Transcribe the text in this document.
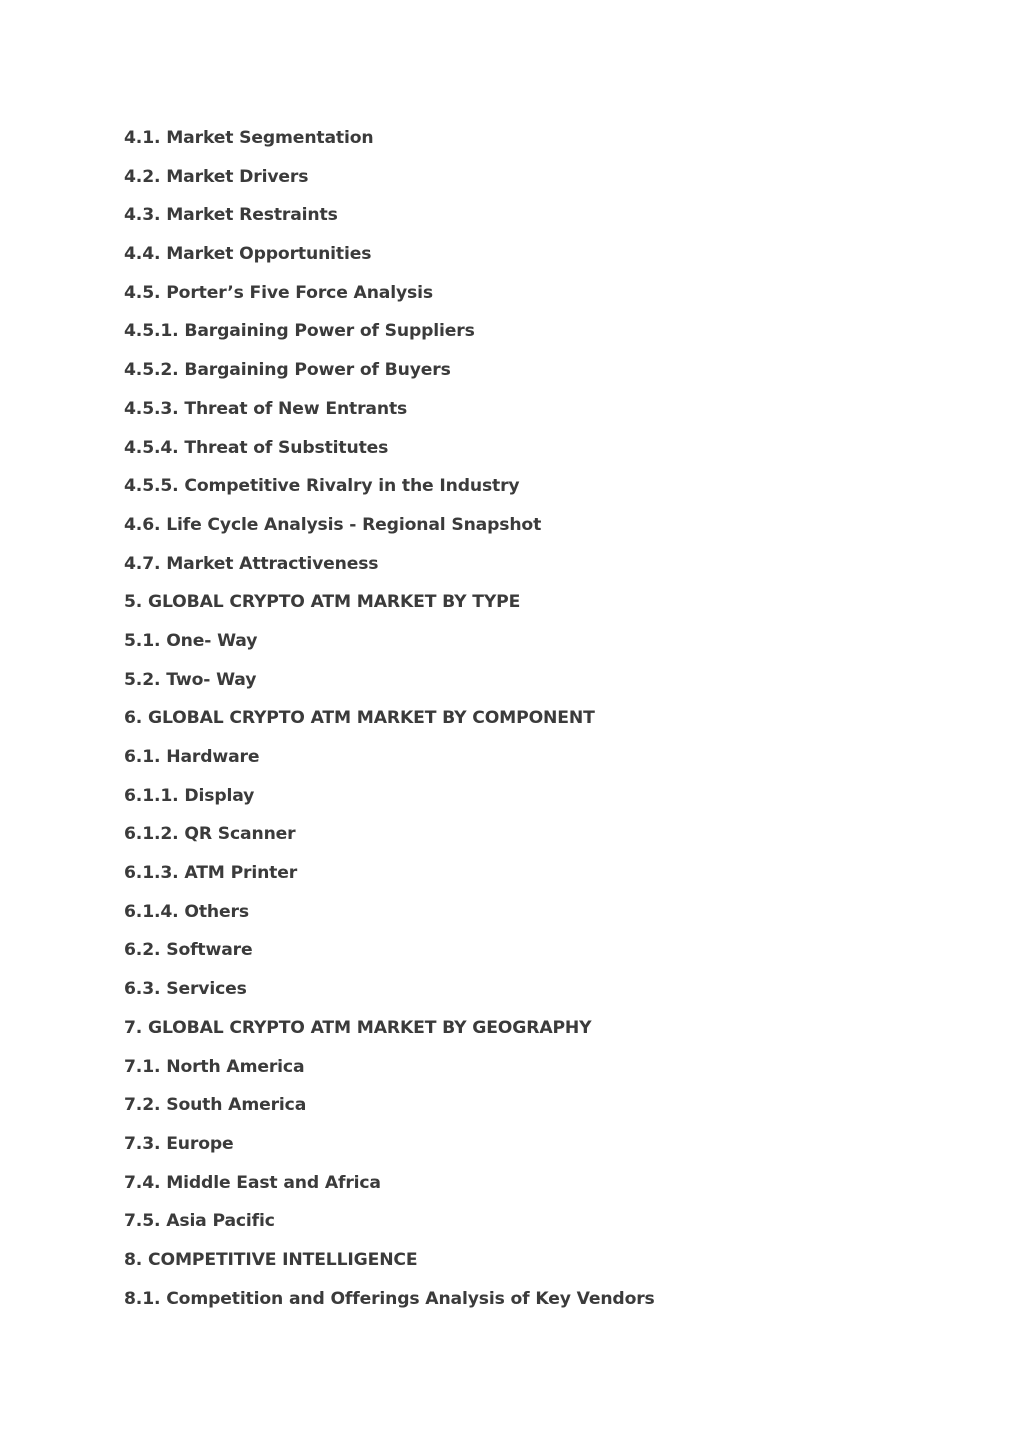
4.1. Market Segmentation
4.2. Market Drivers
4.3. Market Restraints
4.4. Market Opportunities
4.5. Porter’s Five Force Analysis
4.5.1. Bargaining Power of Suppliers
4.5.2. Bargaining Power of Buyers
4.5.3. Threat of New Entrants
4.5.4. Threat of Substitutes
4.5.5. Competitive Rivalry in the Industry
4.6. Life Cycle Analysis - Regional Snapshot
4.7. Market Attractiveness
5. GLOBAL CRYPTO ATM MARKET BY TYPE
5.1. One- Way
5.2. Two- Way
6. GLOBAL CRYPTO ATM MARKET BY COMPONENT
6.1. Hardware
6.1.1. Display
6.1.2. QR Scanner
6.1.3. ATM Printer
6.1.4. Others
6.2. Software
6.3. Services
7. GLOBAL CRYPTO ATM MARKET BY GEOGRAPHY
7.1. North America
7.2. South America
7.3. Europe
7.4. Middle East and Africa
7.5. Asia Pacific
8. COMPETITIVE INTELLIGENCE
8.1. Competition and Offerings Analysis of Key Vendors
